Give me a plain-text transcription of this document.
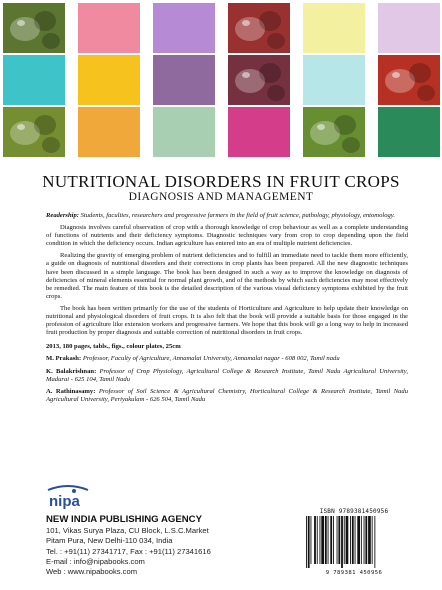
NUTRITIONAL DISORDERS IN FRUIT CROPS
DIAGNOSIS AND MANAGEMENT

Readership: Students, faculties, researchers and progressive farmers in the field of fruit science, pathology, physiology, entomology.

Diagnosis involves careful observation of crop with a thorough knowledge of crop behaviour as well as a complete understanding of functions of nutrients and their deficiency symptoms. Diagnostic techniques vary from crop to crop depending upon the field condition in which the deficiency occurs. Indian agriculture has entered into an era of multiple nutrient deficiencies.

Realizing the gravity of emerging problem of nutrient deficiencies and to fulfill an immediate need to tackle them more efficiently, a guide on diagnosis of nutritional disorders and their corrections in crop plants has been prepared. All the new diagnostic techniques have been discussed in a simple language. The book has been designed in such a way as to improve the knowledge on diagnosis of deficiencies of mineral elements essential for normal plant growth, and of the methods by which such deficiencies may most effectively be remedied. The main feature of this book is the detailed description of the various visual deficiency symptoms exhibited by the fruit crops.

The book has been written primarily for the use of the students of Horticulture and Agriculture to help update their knowledge on nutritional and physiological disorders of fruit crops. It is also felt that the book will provide a suitable basis for those engaged in the profession of agriculture like extension workers and progressive farmers. We hope that this book will go a long way to help in increased fruit production by proper diagnosis and suitable correction of nutritional disorders in fruit crops.

2013, 180 pages, tabls., figs., colour plates, 25cm

M. Prakash: Professor, Faculty of Agriculture, Annamalai University, Annamalai nagar - 608 002, Tamil nadu

K. Balakrishnan: Professor of Crop Physiology, Agricultural College & Research Institute, Tamil Nadu Agricultural University, Madurai - 625 104, Tamil Nadu

A. Rathinasamy: Professor of Soil Science & Agricultural Chemistry, Horticultural College & Research Institute, Tamil Nadu Agricultural University, Periyakulam - 626 504, Tamil Nadu

nipa
NEW INDIA PUBLISHING AGENCY
101, Vikas Surya Plaza, CU Block, L.S.C.Market
Pitam Pura, New Delhi-110 034, India
Tel. : +91(11) 27341717, Fax : +91(11) 27341616
E-mail : info@nipabooks.com
Web : www.nipabooks.com
ISBN 9789381450956
9 789381 450956
